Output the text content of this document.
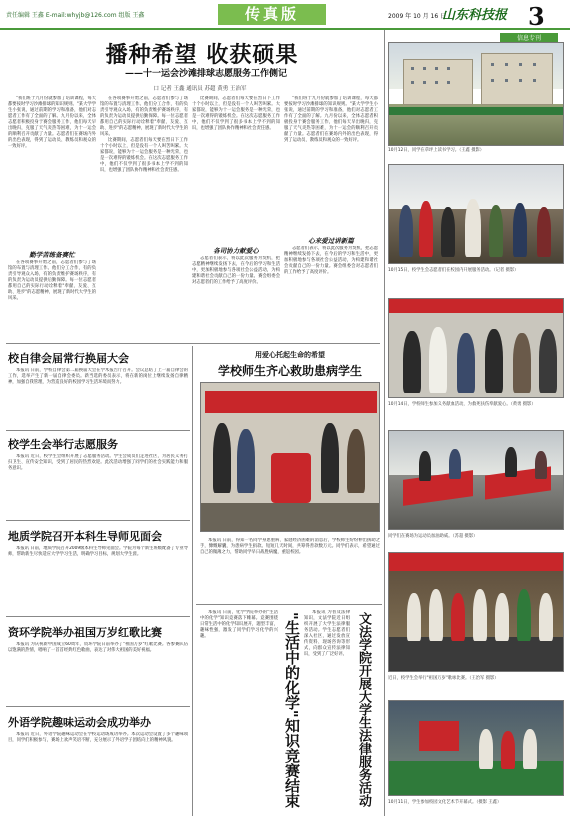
责任编辑 王鑫 E-mail:whyjb@126.com 组版 王鑫	传真版	2009 年 10 月 16 日
山东科技报 3
信息专刊
播种希望 收获硕果
——十一运会沙滩排球志愿服务工作侧记
口 记者 王鑫 通讯员 苏超 黄勇 王治军

"我们班于九月份就参加了培训课程，每天都要按时学习沙滩排球的知识规则。"某大学学生小张说，通过前期的学习和准备，他们对志愿者工作有了全面的了解。九月份以来，全体志愿者积极投身于赛会服务工作，他们每天早出晚归，克服了天气炎热等困难，为十一运会的顺利召开贡献了力量。志愿者们在赛场内外的出色表现，得到了运动员、教练员和观众的一致好评。

勤学苦练备赛忙

在各项赛事开始之前，志愿者们参与了场馆的布置与清理工作。他们分工合作，有的负责引导观众入场，有的负责维护赛场秩序，有的负责为运动员提供后勤保障。每一位志愿者都用自己的实际行动诠释着"奉献、友爱、互助、进步"的志愿精神，展现了新时代大学生的风采。

在各项赛事开始之前，志愿者们参与了场馆的布置与清理工作。他们分工合作，有的负责引导观众入场，有的负责维护赛场秩序，有的负责为运动员提供后勤保障。每一位志愿者都用自己的实际行动诠释着"奉献、友爱、互助、进步"的志愿精神，展现了新时代大学生的风采。

比赛期间，志愿者们每天要在烈日下工作十个小时以上，但是没有一个人叫苦叫累。大家都说，能够为十一运会服务是一种光荣，也是一次难得的锻炼机会。在这次志愿服务工作中，他们不仅学到了很多书本上学不到的知识，也增强了团队协作精神和社会责任感。

比赛期间，志愿者们每天要在烈日下工作十个小时以上，但是没有一个人叫苦叫累。大家都说，能够为十一运会服务是一种光荣，也是一次难得的锻炼机会。在这次志愿服务工作中，他们不仅学到了很多书本上学不到的知识，也增强了团队协作精神和社会责任感。

各司协力献爱心

志愿者们表示，将以此次服务为契机，把志愿精神继续发扬下去，在今后的学习和生活中，更加积极地参与各项社会公益活动，为构建和谐社会贡献自己的一份力量。赛会组委会对志愿者们的工作给予了高度评价。

"我们班于九月份就参加了培训课程，每天都要按时学习沙滩排球的知识规则。"某大学学生小张说，通过前期的学习和准备，他们对志愿者工作有了全面的了解。九月份以来，全体志愿者积极投身于赛会服务工作，他们每天早出晚归，克服了天气炎热等困难，为十一运会的顺利召开贡献了力量。志愿者们在赛场内外的出色表现，得到了运动员、教练员和观众的一致好评。

心来爱过讲新篇

志愿者们表示，将以此次服务为契机，把志愿精神继续发扬下去，在今后的学习和生活中，更加积极地参与各项社会公益活动，为构建和谐社会贡献自己的一份力量。赛会组委会对志愿者们的工作给予了高度评价。

10月12日，同学在草坪上读书学习。（王鑫 摄影）
10月15日，校学生会志愿者们在校园内开展服务活动。（记者 摄影）
10月14日，学校师生参加义务献血活动，为救死扶伤奉献爱心。（黄勇 摄影）
同学们在赛场为运动员加油助威。（苏超 摄影）
近日，校学生会举行"祖国万岁"歌咏比赛。（王治军 摄影）
10月11日，学生参加校园文化艺术节开幕式。（摄影 王鑫）
校自律会届常行换届大会

本报讯 日前，学校自律会第二届换届大会在学术报告厅召开。会议总结了上一届自律会的工作，选举产生了新一届自律会委员。新当选的委员表示，将在新的岗位上继续发扬自律精神，加强自我管理，为营造良好的校园学习生活环境而努力。

校学生会举行志愿服务

本报讯 近日，校学生会组织开展了志愿服务活动。学生会成员们走进社区，为居民义务打扫卫生、宣传安全知识，受到了居民的热烈欢迎。此次活动增强了同学们的社会实践能力和服务意识。

地质学院召开本科生导师见面会

本报讯 日前，地质学院召开2009级本科生导师见面会。学院为每个新生班级配备了专业导师，帮助新生尽快适应大学学习生活，明确学习目标，规划大学生涯。

资环学院举办祖国万岁红歌比赛

本报讯 为庆祝新中国成立60周年，资环学院日前举办了"祖国万岁"红歌比赛。各参赛队伍以饱满的热情，唱响了一首首经典红色歌曲，表达了对伟大祖国的美好祝福。

外语学院趣味运动会成功举办

本报讯 近日，外语学院趣味运动会在学校运动场成功举办。本次运动会设置了多个趣味项目，同学们积极参与，赛场上欢声笑语不断，充分展示了外语学子团结向上的精神风貌。

用爱心托起生命的希望
学校师生齐心救助患病学生

本报讯 日前，得知一名同学身患重病、家庭经济困难的消息后，学校师生纷纷伸出援助之手，慷慨解囊，为患病学生捐款。短短几天时间，共筹得善款数万元。同学们表示，希望通过自己的微薄之力，帮助同学早日战胜病魔，重返校园。

本报讯 日前，化学学院举办的"生活中的化学"知识竞赛落下帷幕。竞赛围绕日常生活中的化学知识展开，题型丰富，趣味性强，激发了同学们学习化学的兴趣。	"生活中的化学"知识竞赛结束	本报讯 为普及法律知识，文法学院近日组织开展了大学生法律服务活动。学生志愿者们深入社区，通过发放宣传资料、现场咨询等形式，向群众宣传法律知识，受到了广泛好评。 文法学院开展大学生法律服务活动
